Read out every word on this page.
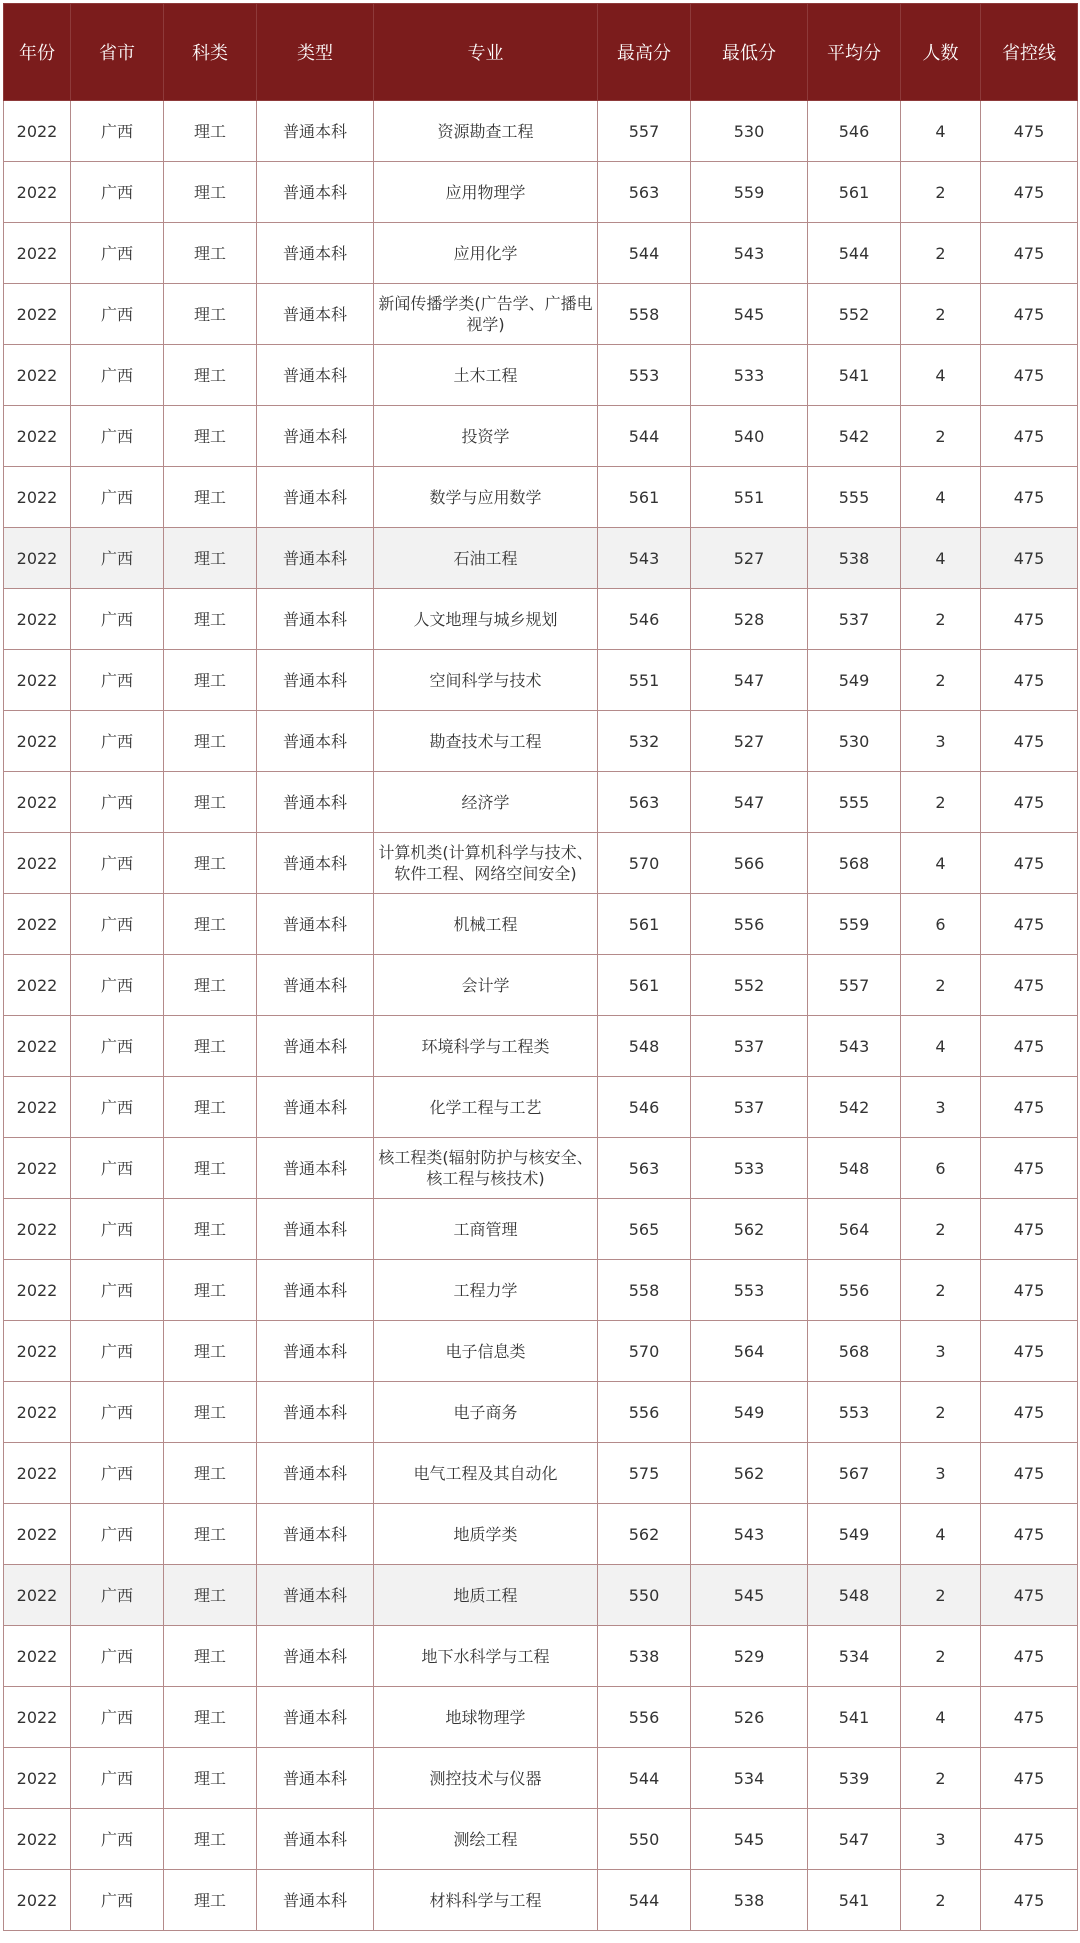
年份	省市	科类	类型	专业	最高分	最低分	平均分	人数	省控线
2022	广西	理工	普通本科	资源勘查工程	557	530	546	4	475
2022	广西	理工	普通本科	应用物理学	563	559	561	2	475
2022	广西	理工	普通本科	应用化学	544	543	544	2	475
2022	广西	理工	普通本科	新闻传播学类(广告学、广播电视学)	558	545	552	2	475
2022	广西	理工	普通本科	土木工程	553	533	541	4	475
2022	广西	理工	普通本科	投资学	544	540	542	2	475
2022	广西	理工	普通本科	数学与应用数学	561	551	555	4	475
2022	广西	理工	普通本科	石油工程	543	527	538	4	475
2022	广西	理工	普通本科	人文地理与城乡规划	546	528	537	2	475
2022	广西	理工	普通本科	空间科学与技术	551	547	549	2	475
2022	广西	理工	普通本科	勘查技术与工程	532	527	530	3	475
2022	广西	理工	普通本科	经济学	563	547	555	2	475
2022	广西	理工	普通本科	计算机类(计算机科学与技术、软件工程、网络空间安全)	570	566	568	4	475
2022	广西	理工	普通本科	机械工程	561	556	559	6	475
2022	广西	理工	普通本科	会计学	561	552	557	2	475
2022	广西	理工	普通本科	环境科学与工程类	548	537	543	4	475
2022	广西	理工	普通本科	化学工程与工艺	546	537	542	3	475
2022	广西	理工	普通本科	核工程类(辐射防护与核安全、核工程与核技术)	563	533	548	6	475
2022	广西	理工	普通本科	工商管理	565	562	564	2	475
2022	广西	理工	普通本科	工程力学	558	553	556	2	475
2022	广西	理工	普通本科	电子信息类	570	564	568	3	475
2022	广西	理工	普通本科	电子商务	556	549	553	2	475
2022	广西	理工	普通本科	电气工程及其自动化	575	562	567	3	475
2022	广西	理工	普通本科	地质学类	562	543	549	4	475
2022	广西	理工	普通本科	地质工程	550	545	548	2	475
2022	广西	理工	普通本科	地下水科学与工程	538	529	534	2	475
2022	广西	理工	普通本科	地球物理学	556	526	541	4	475
2022	广西	理工	普通本科	测控技术与仪器	544	534	539	2	475
2022	广西	理工	普通本科	测绘工程	550	545	547	3	475
2022	广西	理工	普通本科	材料科学与工程	544	538	541	2	475
